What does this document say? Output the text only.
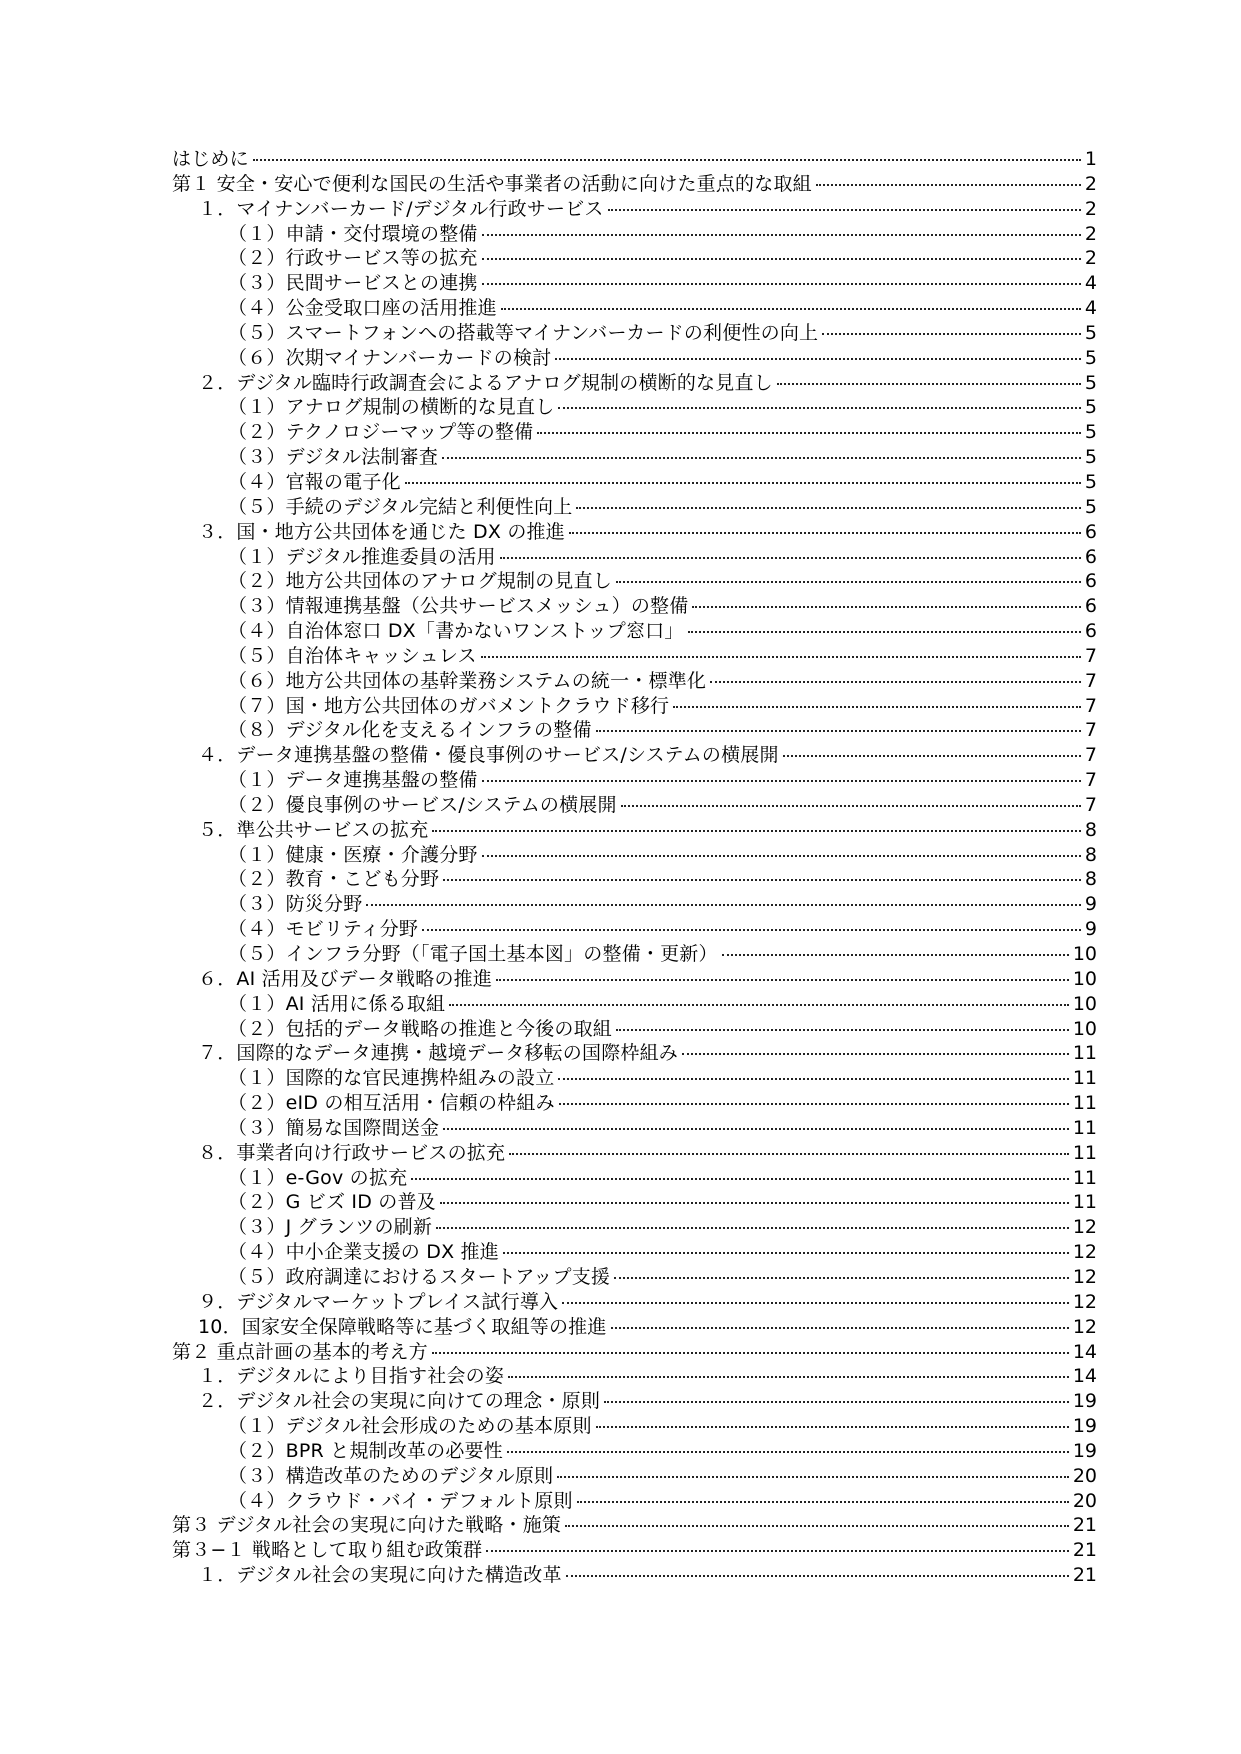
はじめに	1
第１ 安全・安心で便利な国民の生活や事業者の活動に向けた重点的な取組	2
１．マイナンバーカード/デジタル行政サービス	2
（１）申請・交付環境の整備	2
（２）行政サービス等の拡充	2
（３）民間サービスとの連携	4
（４）公金受取口座の活用推進	4
（５）スマートフォンへの搭載等マイナンバーカードの利便性の向上	5
（６）次期マイナンバーカードの検討	5
２．デジタル臨時行政調査会によるアナログ規制の横断的な見直し	5
（１）アナログ規制の横断的な見直し	5
（２）テクノロジーマップ等の整備	5
（３）デジタル法制審査	5
（４）官報の電子化	5
（５）手続のデジタル完結と利便性向上	5
３．国・地方公共団体を通じた DX の推進	6
（１）デジタル推進委員の活用	6
（２）地方公共団体のアナログ規制の見直し	6
（３）情報連携基盤（公共サービスメッシュ）の整備	6
（４）自治体窓口 DX「書かないワンストップ窓口」	6
（５）自治体キャッシュレス	7
（６）地方公共団体の基幹業務システムの統一・標準化	7
（７）国・地方公共団体のガバメントクラウド移行	7
（８）デジタル化を支えるインフラの整備	7
４．データ連携基盤の整備・優良事例のサービス/システムの横展開	7
（１）データ連携基盤の整備	7
（２）優良事例のサービス/システムの横展開	7
５．準公共サービスの拡充	8
（１）健康・医療・介護分野	8
（２）教育・こども分野	8
（３）防災分野	9
（４）モビリティ分野	9
（５）インフラ分野（「電子国土基本図」の整備・更新）	10
６．AI 活用及びデータ戦略の推進	10
（１）AI 活用に係る取組	10
（２）包括的データ戦略の推進と今後の取組	10
７．国際的なデータ連携・越境データ移転の国際枠組み	11
（１）国際的な官民連携枠組みの設立	11
（２）eID の相互活用・信頼の枠組み	11
（３）簡易な国際間送金	11
８．事業者向け行政サービスの拡充	11
（１）e-Gov の拡充	11
（２）G ビズ ID の普及	11
（３）J グランツの刷新	12
（４）中小企業支援の DX 推進	12
（５）政府調達におけるスタートアップ支援	12
９．デジタルマーケットプレイス試行導入	12
10．国家安全保障戦略等に基づく取組等の推進	12
第２ 重点計画の基本的考え方	14
１．デジタルにより目指す社会の姿	14
２．デジタル社会の実現に向けての理念・原則	19
（１）デジタル社会形成のための基本原則	19
（２）BPR と規制改革の必要性	19
（３）構造改革のためのデジタル原則	20
（４）クラウド・バイ・デフォルト原則	20
第３ デジタル社会の実現に向けた戦略・施策	21
第３−１ 戦略として取り組む政策群	21
１．デジタル社会の実現に向けた構造改革	21
